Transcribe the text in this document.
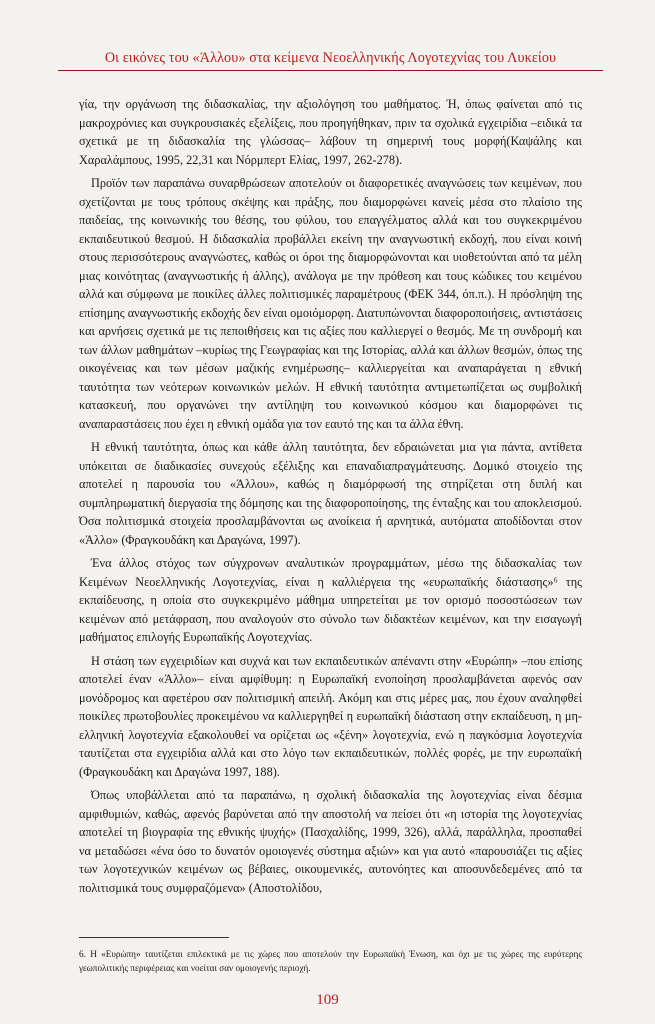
Οι εικόνες του «Άλλου» στα κείμενα Νεοελληνικής Λογοτεχνίας του Λυκείου

γία, την οργάνωση της διδασκαλίας, την αξιολόγηση του μαθήματος. Ή, όπως φαίνεται από τις μακροχρόνιες και συγκρουσιακές εξελίξεις, που προηγήθηκαν, πριν τα σχολικά εγχειρίδια –ειδικά τα σχετικά με τη διδασκαλία της γλώσσας– λάβουν τη σημερινή τους μορφή(Καψάλης και Χαραλάμπους, 1995, 22,31 και Νόρμπερτ Ελίας, 1997, 262-278).

Προϊόν των παραπάνω συναρθρώσεων αποτελούν οι διαφορετικές αναγνώσεις των κειμένων, που σχετίζονται με τους τρόπους σκέψης και πράξης, που διαμορφώνει κανείς μέσα στο πλαίσιο της παιδείας, της κοινωνικής του θέσης, του φύλου, του επαγγέλματος αλλά και του συγκεκριμένου εκπαιδευτικού θεσμού. Η διδασκαλία προβάλλει εκείνη την αναγνωστική εκδοχή, που είναι κοινή στους περισσότερους αναγνώστες, καθώς οι όροι της διαμορφώνονται και υιοθετούνται από τα μέλη μιας κοινότητας (αναγνωστικής ή άλλης), ανάλογα με την πρόθεση και τους κώδικες του κειμένου αλλά και σύμφωνα με ποικίλες άλλες πολιτισμικές παραμέτρους (ΦΕΚ 344, όπ.π.). Η πρόσληψη της επίσημης αναγνωστικής εκδοχής δεν είναι ομοιόμορφη. Διατυπώνονται διαφοροποιήσεις, αντιστάσεις και αρνήσεις σχετικά με τις πεποιθήσεις και τις αξίες που καλλιεργεί ο θεσμός. Με τη συνδρομή και των άλλων μαθημάτων –κυρίως της Γεωγραφίας και της Ιστορίας, αλλά και άλλων θεσμών, όπως της οικογένειας και των μέσων μαζικής ενημέρωσης– καλλιεργείται και αναπαράγεται η εθνική ταυτότητα των νεότερων κοινωνικών μελών. Η εθνική ταυτότητα αντιμετωπίζεται ως συμβολική κατασκευή, που οργανώνει την αντίληψη του κοινωνικού κόσμου και διαμορφώνει τις αναπαραστάσεις που έχει η εθνική ομάδα για τον εαυτό της και τα άλλα έθνη.

Η εθνική ταυτότητα, όπως και κάθε άλλη ταυτότητα, δεν εδραιώνεται μια για πάντα, αντίθετα υπόκειται σε διαδικασίες συνεχούς εξέλιξης και επαναδιαπραγμάτευσης. Δομικό στοιχείο της αποτελεί η παρουσία του «Άλλου», καθώς η διαμόρφωσή της στηρίζεται στη διπλή και συμπληρωματική διεργασία της δόμησης και της διαφοροποίησης, της ένταξης και του αποκλεισμού. Όσα πολιτισμικά στοιχεία προσλαμβάνονται ως ανοίκεια ή αρνητικά, αυτόματα αποδίδονται στον «Άλλο» (Φραγκουδάκη και Δραγώνα, 1997).

Ένα άλλος στόχος των σύγχρονων αναλυτικών προγραμμάτων, μέσω της διδασκαλίας των Κειμένων Νεοελληνικής Λογοτεχνίας, είναι η καλλιέργεια της «ευρωπαϊκής διάστασης»⁶ της εκπαίδευσης, η οποία στο συγκεκριμένο μάθημα υπηρετείται με τον ορισμό ποσοστώσεων των κειμένων από μετάφραση, που αναλογούν στο σύνολο των διδακτέων κειμένων, και την εισαγωγή μαθήματος επιλογής Ευρωπαϊκής Λογοτεχνίας.

Η στάση των εγχειριδίων και συχνά και των εκπαιδευτικών απέναντι στην «Ευρώπη» –που επίσης αποτελεί έναν «Άλλο»– είναι αμφίθυμη: η Ευρωπαϊκή ενοποίηση προσλαμβάνεται αφενός σαν μονόδρομος και αφετέρου σαν πολιτισμική απειλή. Ακόμη και στις μέρες μας, που έχουν αναληφθεί ποικίλες πρωτοβουλίες προκειμένου να καλλιεργηθεί η ευρωπαϊκή διάσταση στην εκπαίδευση, η μη-ελληνική λογοτεχνία εξακολουθεί να ορίζεται ως «ξένη» λογοτεχνία, ενώ η παγκόσμια λογοτεχνία ταυτίζεται στα εγχειρίδια αλλά και στο λόγο των εκπαιδευτικών, πολλές φορές, με την ευρωπαϊκή (Φραγκουδάκη και Δραγώνα 1997, 188).

Όπως υποβάλλεται από τα παραπάνω, η σχολική διδασκαλία της λογοτεχνίας είναι δέσμια αμφιθυμιών, καθώς, αφενός βαρύνεται από την αποστολή να πείσει ότι «η ιστορία της λογοτεχνίας αποτελεί τη βιογραφία της εθνικής ψυχής» (Πασχαλίδης, 1999, 326), αλλά, παράλληλα, προσπαθεί να μεταδώσει «ένα όσο το δυνατόν ομοιογενές σύστημα αξιών» και για αυτό «παρουσιάζει τις αξίες των λογοτεχνικών κειμένων ως βέβαιες, οικουμενικές, αυτονόητες και αποσυνδεδεμένες από τα πολιτισμικά τους συμφραζόμενα» (Αποστολίδου,

6. Η «Ευρώπη» ταυτίζεται επιλεκτικά με τις χώρες που αποτελούν την Ευρωπαϊκή Ένωση, και όχι με τις χώρες της ευρύτερης γεωπολιτικής περιφέρειας και νοείται σαν ομοιογενής περιοχή.
109
